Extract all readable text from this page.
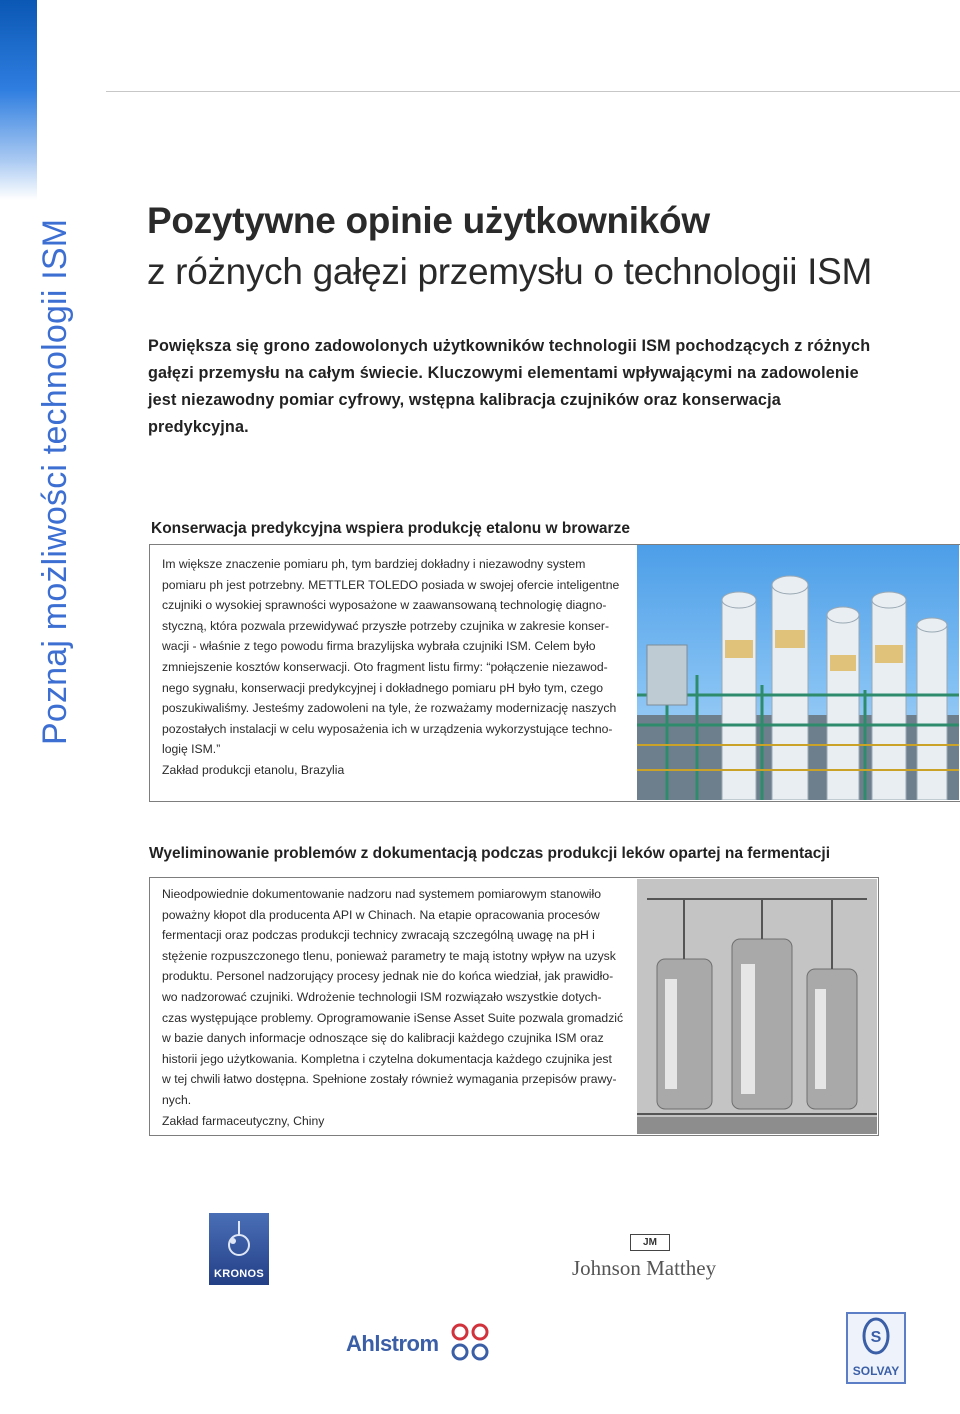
Poznaj możliwości technologii ISM Pozytywne opinie użytkowników
z różnych gałęzi przemysłu o technologii ISM
Powiększa się grono zadowolonych użytkowników technologii ISM pochodzących z różnych
gałęzi przemysłu na całym świecie. Kluczowymi elementami wpływającymi na zadowolenie
jest niezawodny pomiar cyfrowy, wstępna kalibracja czujników oraz konserwacja
predykcyjna.
Konserwacja predykcyjna wspiera produkcję etalonu w browarze
Im większe znaczenie pomiaru ph, tym bardziej dokładny i niezawodny system
pomiaru ph jest potrzebny. METTLER TOLEDO posiada w swojej ofercie inteligentne
czujniki o wysokiej sprawności wyposażone w zaawansowaną technologię diagno-
styczną, która pozwala przewidywać przyszłe potrzeby czujnika w zakresie konser-
wacji - właśnie z tego powodu firma brazylijska wybrała czujniki ISM. Celem było
zmniejszenie kosztów konserwacji. Oto fragment listu firmy: “połączenie niezawod-
nego sygnału, konserwacji predykcyjnej i dokładnego pomiaru pH było tym, czego
poszukiwaliśmy. Jesteśmy zadowoleni na tyle, że rozważamy modernizację naszych
pozostałych instalacji w celu wyposażenia ich w urządzenia wykorzystujące techno-
logię ISM.”
Zakład produkcji etanolu, Brazylia
Wyeliminowanie problemów z dokumentacją podczas produkcji leków opartej na fermentacji
Nieodpowiednie dokumentowanie nadzoru nad systemem pomiarowym stanowiło
poważny kłopot dla producenta API w Chinach. Na etapie opracowania procesów
fermentacji oraz podczas produkcji technicy zwracają szczególną uwagę na pH i
stężenie rozpuszczonego tlenu, ponieważ parametry te mają istotny wpływ na uzysk
produktu. Personel nadzorujący procesy jednak nie do końca wiedział, jak prawidło-
wo nadzorować czujniki. Wdrożenie technologii ISM rozwiązało wszystkie dotych-
czas występujące problemy. Oprogramowanie iSense Asset Suite pozwala gromadzić
w bazie danych informacje odnoszące się do kalibracji każdego czujnika ISM oraz
historii jego użytkowania. Kompletna i czytelna dokumentacja każdego czujnika jest
w tej chwili łatwo dostępna. Spełnione zostały również wymagania przepisów prawy-
nych.
Zakład farmaceutyczny, Chiny
KRONOS
JM
Johnson Matthey
Ahlstrom	S
SOLVAY
